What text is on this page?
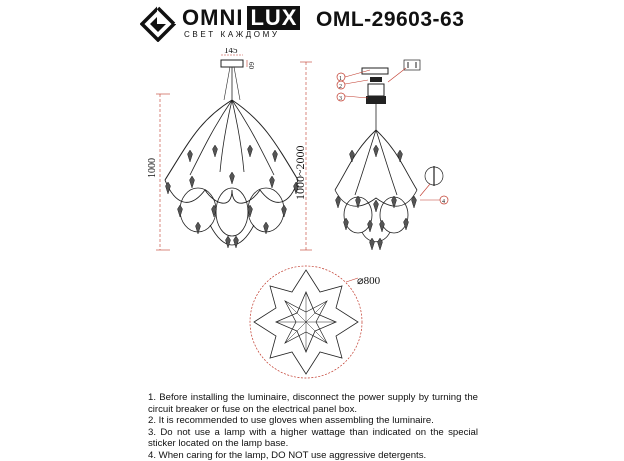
OMNI LUX
СВЕТ КАЖДОМУ
OML-29603-63
145
60
1000	1000~2000
1
2
3
4
⌀800
1. Before installing the luminaire, disconnect the power supply by turning the circuit breaker or fuse on the electrical panel box.
2. It is recommended to use gloves when assembling the luminaire.
3. Do not use a lamp with a higher wattage than indicated on the special sticker located on the lamp base.
4. When caring for the lamp, DO NOT use aggressive detergents.
